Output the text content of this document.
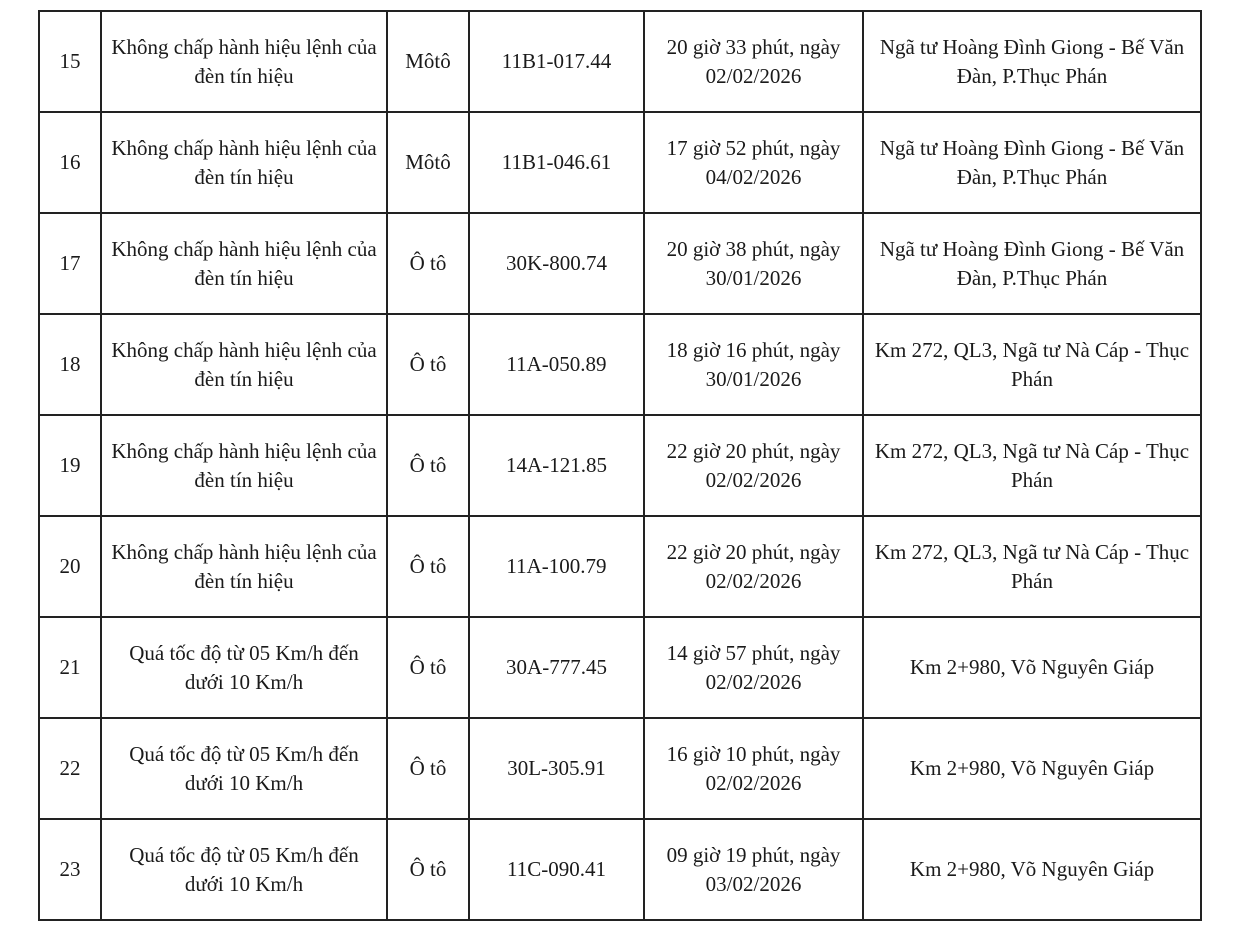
15	Không chấp hành hiệu lệnh của đèn tín hiệu	Môtô	11B1-017.44	20 giờ 33 phút, ngày 02/02/2026	Ngã tư Hoàng Đình Giong - Bế Văn Đàn, P.Thục Phán

16	Không chấp hành hiệu lệnh của đèn tín hiệu	Môtô	11B1-046.61	17 giờ 52 phút, ngày 04/02/2026	Ngã tư Hoàng Đình Giong - Bế Văn Đàn, P.Thục Phán

17	Không chấp hành hiệu lệnh của đèn tín hiệu	Ô tô	30K-800.74	20 giờ 38 phút, ngày 30/01/2026	Ngã tư Hoàng Đình Giong - Bế Văn Đàn, P.Thục Phán

18	Không chấp hành hiệu lệnh của đèn tín hiệu	Ô tô	11A-050.89	18 giờ 16 phút, ngày 30/01/2026	Km 272, QL3, Ngã tư Nà Cáp - Thục Phán

19	Không chấp hành hiệu lệnh của đèn tín hiệu	Ô tô	14A-121.85	22 giờ 20 phút, ngày 02/02/2026	Km 272, QL3, Ngã tư Nà Cáp - Thục Phán

20	Không chấp hành hiệu lệnh của đèn tín hiệu	Ô tô	11A-100.79	22 giờ 20 phút, ngày 02/02/2026	Km 272, QL3, Ngã tư Nà Cáp - Thục Phán

21	Quá tốc độ từ 05 Km/h đến dưới 10 Km/h	Ô tô	30A-777.45	14 giờ 57 phút, ngày 02/02/2026	Km 2+980, Võ Nguyên Giáp

22	Quá tốc độ từ 05 Km/h đến dưới 10 Km/h	Ô tô	30L-305.91	16 giờ 10 phút, ngày 02/02/2026	Km 2+980, Võ Nguyên Giáp

23	Quá tốc độ từ 05 Km/h đến dưới 10 Km/h	Ô tô	11C-090.41	09 giờ 19 phút, ngày 03/02/2026	Km 2+980, Võ Nguyên Giáp
